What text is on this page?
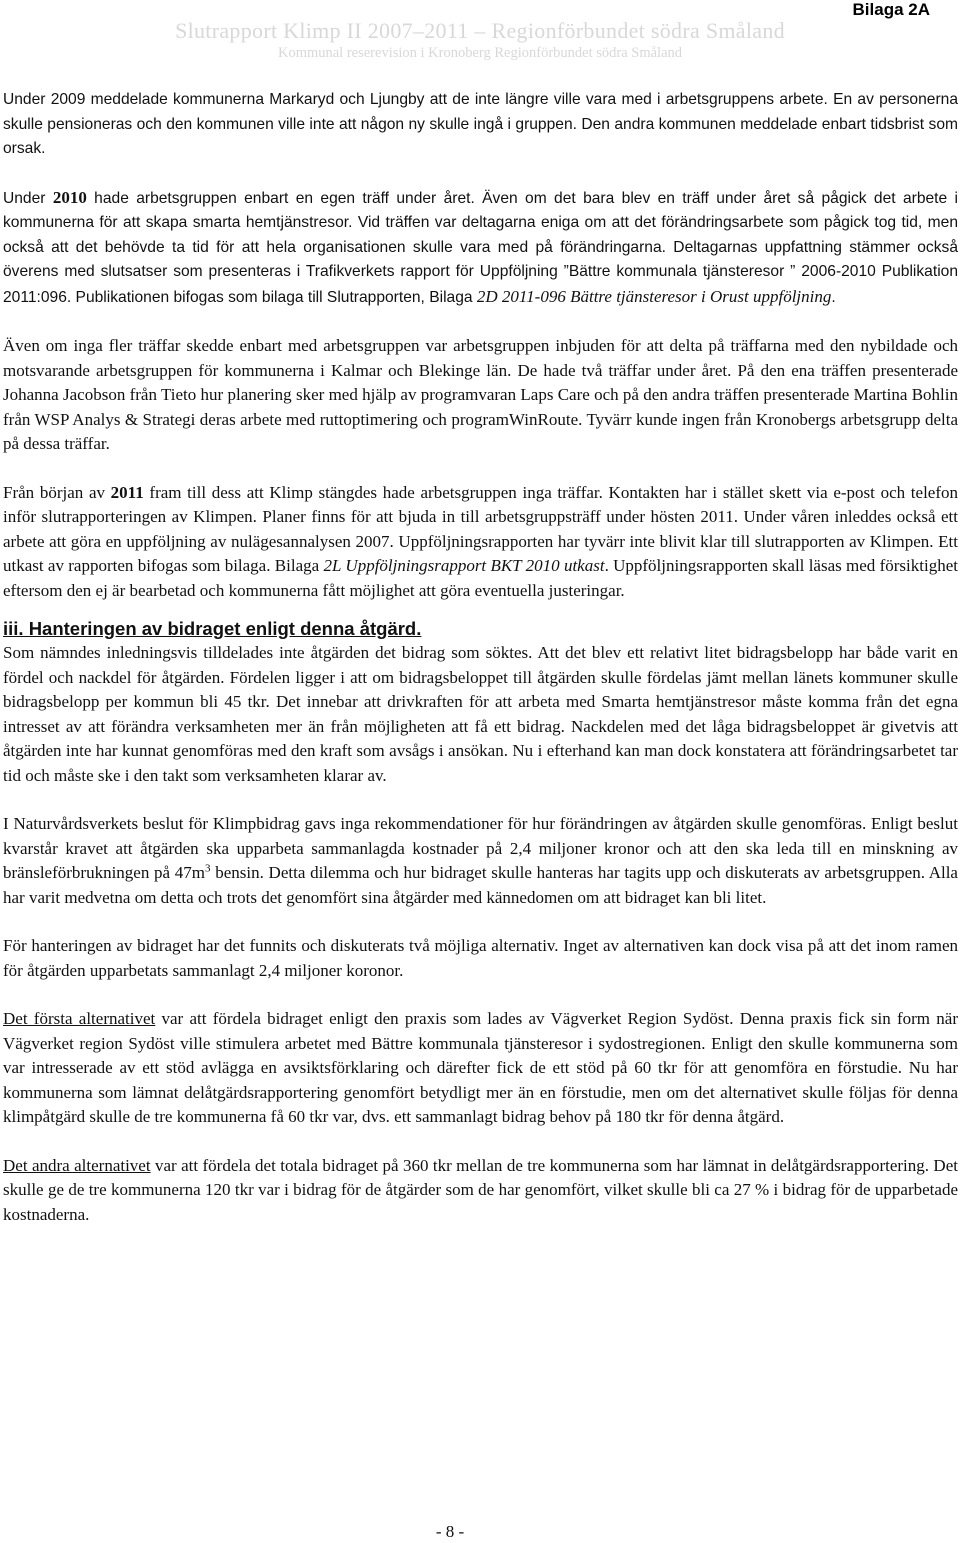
Bilaga 2A
Slutrapport Klimp II 2007–2011 – Regionförbundet södra Småland
Kommunal reserevision i Kronoberg Regionförbundet södra Småland

Under 2009 meddelade kommunerna Markaryd och Ljungby att de inte längre ville vara med i arbetsgruppens arbete. En av personerna skulle pensioneras och den kommunen ville inte att någon ny skulle ingå i gruppen. Den andra kommunen meddelade enbart tidsbrist som orsak.

Under 2010 hade arbetsgruppen enbart en egen träff under året. Även om det bara blev en träff under året så pågick det arbete i kommunerna för att skapa smarta hemtjänstresor. Vid träffen var deltagarna eniga om att det förändringsarbete som pågick tog tid, men också att det behövde ta tid för att hela organisationen skulle vara med på förändringarna. Deltagarnas uppfattning stämmer också överens med slutsatser som presenteras i Trafikverkets rapport för Uppföljning ”Bättre kommunala tjänsteresor ” 2006-2010 Publikation 2011:096. Publikationen bifogas som bilaga till Slutrapporten, Bilaga 2D 2011-096 Bättre tjänsteresor i Orust uppföljning.

Även om inga fler träffar skedde enbart med arbetsgruppen var arbetsgruppen inbjuden för att delta på träffarna med den nybildade och motsvarande arbetsgruppen för kommunerna i Kalmar och Blekinge län. De hade två träffar under året. På den ena träffen presenterade Johanna Jacobson från Tieto hur planering sker med hjälp av programvaran Laps Care och på den andra träffen presenterade Martina Bohlin från WSP Analys & Strategi deras arbete med ruttoptimering och programWinRoute. Tyvärr kunde ingen från Kronobergs arbetsgrupp delta på dessa träffar.

Från början av 2011 fram till dess att Klimp stängdes hade arbetsgruppen inga träffar. Kontakten har i stället skett via e-post och telefon inför slutrapporteringen av Klimpen. Planer finns för att bjuda in till arbetsgruppsträff under hösten 2011. Under våren inleddes också ett arbete att göra en uppföljning av nulägesannalysen 2007. Uppföljningsrapporten har tyvärr inte blivit klar till slutrapporten av Klimpen. Ett utkast av rapporten bifogas som bilaga. Bilaga 2L Uppföljningsrapport BKT 2010 utkast. Uppföljningsrapporten skall läsas med försiktighet eftersom den ej är bearbetad och kommunerna fått möjlighet att göra eventuella justeringar.

iii. Hanteringen av bidraget enligt denna åtgärd.

Som nämndes inledningsvis tilldelades inte åtgärden det bidrag som söktes. Att det blev ett relativt litet bidragsbelopp har både varit en fördel och nackdel för åtgärden. Fördelen ligger i att om bidragsbeloppet till åtgärden skulle fördelas jämt mellan länets kommuner skulle bidragsbelopp per kommun bli 45 tkr. Det innebar att drivkraften för att arbeta med Smarta hemtjänstresor måste komma från det egna intresset av att förändra verksamheten mer än från möjligheten att få ett bidrag. Nackdelen med det låga bidragsbeloppet är givetvis att åtgärden inte har kunnat genomföras med den kraft som avsågs i ansökan. Nu i efterhand kan man dock konstatera att förändringsarbetet tar tid och måste ske i den takt som verksamheten klarar av.

I Naturvårdsverkets beslut för Klimpbidrag gavs inga rekommendationer för hur förändringen av åtgärden skulle genomföras. Enligt beslut kvarstår kravet att åtgärden ska upparbeta sammanlagda kostnader på 2,4 miljoner kronor och att den ska leda till en minskning av bränsleförbrukningen på $47m^3$ bensin. Detta dilemma och hur bidraget skulle hanteras har tagits upp och diskuterats av arbetsgruppen. Alla har varit medvetna om detta och trots det genomfört sina åtgärder med kännedomen om att bidraget kan bli litet.

För hanteringen av bidraget har det funnits och diskuterats två möjliga alternativ. Inget av alternativen kan dock visa på att det inom ramen för åtgärden upparbetats sammanlagt 2,4 miljoner koronor.

Det första alternativet var att fördela bidraget enligt den praxis som lades av Vägverket Region Sydöst. Denna praxis fick sin form när Vägverket region Sydöst ville stimulera arbetet med Bättre kommunala tjänsteresor i sydostregionen. Enligt den skulle kommunerna som var intresserade av ett stöd avlägga en avsiktsförklaring och därefter fick de ett stöd på 60 tkr för att genomföra en förstudie. Nu har kommunerna som lämnat delåtgärdsrapportering genomfört betydligt mer än en förstudie, men om det alternativet skulle följas för denna klimpåtgärd skulle de tre kommunerna få 60 tkr var, dvs. ett sammanlagt bidrag behov på 180 tkr för denna åtgärd.

Det andra alternativet var att fördela det totala bidraget på 360 tkr mellan de tre kommunerna som har lämnat in delåtgärdsrapportering. Det skulle ge de tre kommunerna 120 tkr var i bidrag för de åtgärder som de har genomfört, vilket skulle bli ca 27 % i bidrag för de upparbetade kostnaderna.

- 8 -
